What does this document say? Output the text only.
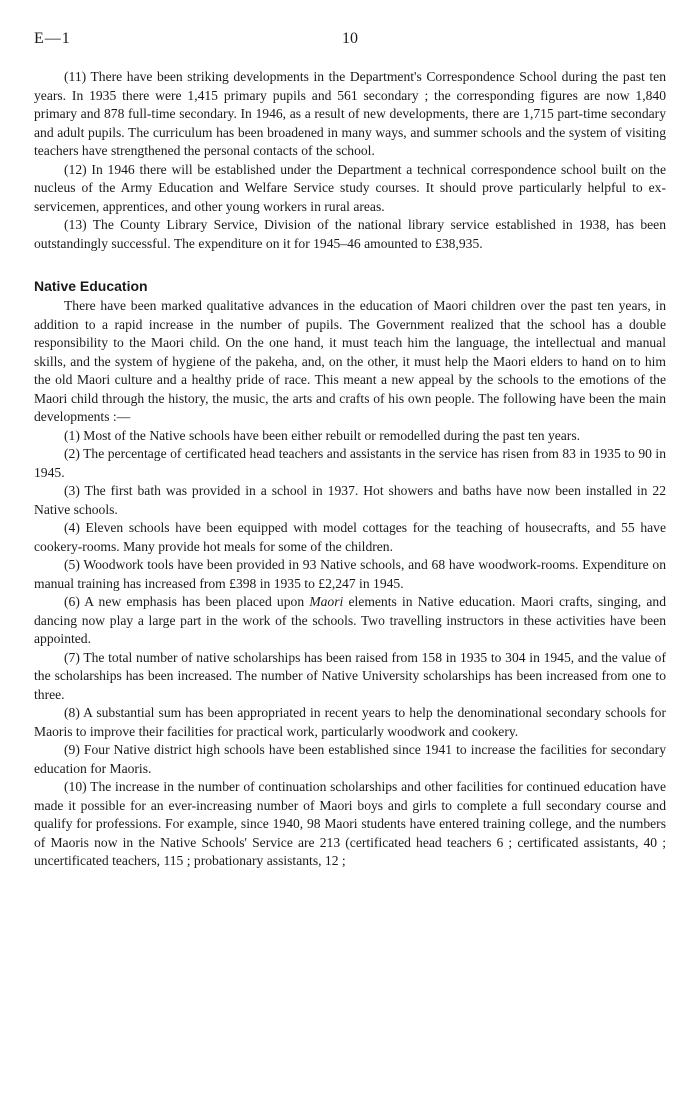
E—1	10

(11) There have been striking developments in the Department's Correspondence School during the past ten years. In 1935 there were 1,415 primary pupils and 561 secondary ; the corresponding figures are now 1,840 primary and 878 full-time secondary. In 1946, as a result of new developments, there are 1,715 part-time secondary and adult pupils. The curriculum has been broadened in many ways, and summer schools and the system of visiting teachers have strengthened the personal contacts of the school.

(12) In 1946 there will be established under the Department a technical correspondence school built on the nucleus of the Army Education and Welfare Service study courses. It should prove particularly helpful to ex-servicemen, apprentices, and other young workers in rural areas.

(13) The County Library Service, Division of the national library service established in 1938, has been outstandingly successful. The expenditure on it for 1945–46 amounted to £38,935.

Native Education

There have been marked qualitative advances in the education of Maori children over the past ten years, in addition to a rapid increase in the number of pupils. The Government realized that the school has a double responsibility to the Maori child. On the one hand, it must teach him the language, the intellectual and manual skills, and the system of hygiene of the pakeha, and, on the other, it must help the Maori elders to hand on to him the old Maori culture and a healthy pride of race. This meant a new appeal by the schools to the emotions of the Maori child through the history, the music, the arts and crafts of his own people. The following have been the main developments :—

(1) Most of the Native schools have been either rebuilt or remodelled during the past ten years.

(2) The percentage of certificated head teachers and assistants in the service has risen from 83 in 1935 to 90 in 1945.

(3) The first bath was provided in a school in 1937. Hot showers and baths have now been installed in 22 Native schools.

(4) Eleven schools have been equipped with model cottages for the teaching of housecrafts, and 55 have cookery-rooms. Many provide hot meals for some of the children.

(5) Woodwork tools have been provided in 93 Native schools, and 68 have woodwork-rooms. Expenditure on manual training has increased from £398 in 1935 to £2,247 in 1945.

(6) A new emphasis has been placed upon Maori elements in Native education. Maori crafts, singing, and dancing now play a large part in the work of the schools. Two travelling instructors in these activities have been appointed.

(7) The total number of native scholarships has been raised from 158 in 1935 to 304 in 1945, and the value of the scholarships has been increased. The number of Native University scholarships has been increased from one to three.

(8) A substantial sum has been appropriated in recent years to help the denominational secondary schools for Maoris to improve their facilities for practical work, particularly woodwork and cookery.

(9) Four Native district high schools have been established since 1941 to increase the facilities for secondary education for Maoris.

(10) The increase in the number of continuation scholarships and other facilities for continued education have made it possible for an ever-increasing number of Maori boys and girls to complete a full secondary course and qualify for professions. For example, since 1940, 98 Maori students have entered training college, and the numbers of Maoris now in the Native Schools' Service are 213 (certificated head teachers 6 ; certificated assistants, 40 ; uncertificated teachers, 115 ; probationary assistants, 12 ;
